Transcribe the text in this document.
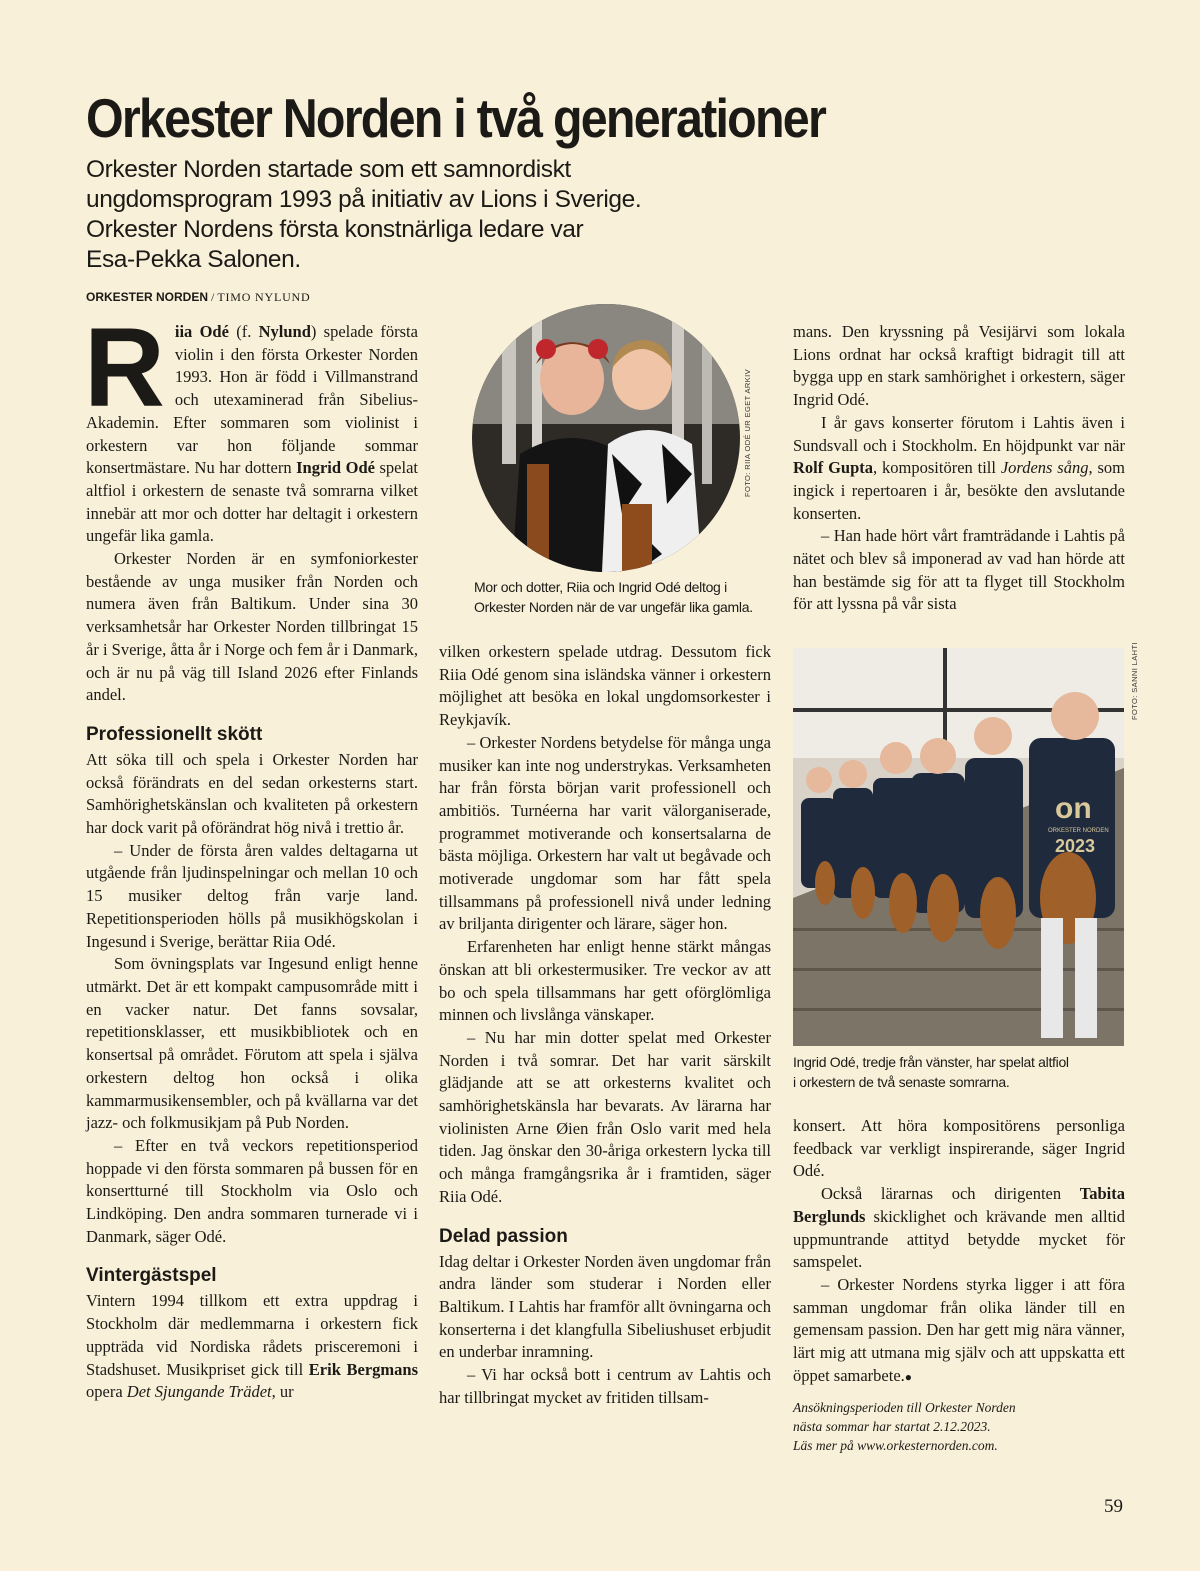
Orkester Norden i två generationer
Orkester Norden startade som ett samnordiskt
ungdomsprogram 1993 på initiativ av Lions i Sverige.
Orkester Nordens första konstnärliga ledare var
Esa-Pekka Salonen.
ORKESTER NORDEN / TIMO NYLUND
R iia Odé (f. Nylund) spelade första violin i den första Orkester Norden 1993. Hon är född i Villmanstrand och utexaminerad från Sibelius-Akademin. Efter sommaren som violinist i orkestern var hon följande sommar konsertmästare. Nu har dottern Ingrid Odé spelat altfiol i orkestern de senaste två somrarna vilket innebär att mor och dotter har deltagit i orkestern ungefär lika gamla.

Orkester Norden är en symfoniorkester bestående av unga musiker från Norden och numera även från Baltikum. Under sina 30 verksamhetsår har Orkester Norden tillbringat 15 år i Sverige, åtta år i Norge och fem år i Danmark, och är nu på väg till Island 2026 efter Finlands andel.

Professionellt skött

Att söka till och spela i Orkester Norden har också förändrats en del sedan orkesterns start. Samhörighetskänslan och kvaliteten på orkestern har dock varit på oförändrat hög nivå i trettio år.

– Under de första åren valdes deltagarna ut utgående från ljudinspelningar och mellan 10 och 15 musiker deltog från varje land. Repetitionsperioden hölls på musikhögskolan i Ingesund i Sverige, berättar Riia Odé.

Som övningsplats var Ingesund enligt henne utmärkt. Det är ett kompakt campusområde mitt i en vacker natur. Det fanns sovsalar, repetitionsklasser, ett musikbibliotek och en konsertsal på området. Förutom att spela i själva orkestern deltog hon också i olika kammarmusikensembler, och på kvällarna var det jazz- och folkmusikjam på Pub Norden.

– Efter en två veckors repetitionsperiod hoppade vi den första sommaren på bussen för en konsertturné till Stockholm via Oslo och Lindköping. Den andra sommaren turnerade vi i Danmark, säger Odé.

Vintergästspel

Vintern 1994 tillkom ett extra uppdrag i Stockholm där medlemmarna i orkestern fick uppträda vid Nordiska rådets prisceremoni i Stadshuset. Musikpriset gick till Erik Bergmans opera Det Sjungande Trädet, ur

FOTO: RIIA ODÉ UR EGET ARKIV
Mor och dotter, Riia och Ingrid Odé deltog i
Orkester Norden när de var ungefär lika gamla.

vilken orkestern spelade utdrag. Dessutom fick Riia Odé genom sina isländska vänner i orkestern möjlighet att besöka en lokal ungdomsorkester i Reykjavík.

– Orkester Nordens betydelse för många unga musiker kan inte nog understrykas. Verksamheten har från första början varit professionell och ambitiös. Turnéerna har varit välorganiserade, programmet motiverande och konsertsalarna de bästa möjliga. Orkestern har valt ut begåvade och motiverade ungdomar som har fått spela tillsammans på professionell nivå under ledning av briljanta dirigenter och lärare, säger hon.

Erfarenheten har enligt henne stärkt mångas önskan att bli orkestermusiker. Tre veckor av att bo och spela tillsammans har gett oförglömliga minnen och livslånga vänskaper.

– Nu har min dotter spelat med Orkester Norden i två somrar. Det har varit särskilt glädjande att se att orkesterns kvalitet och samhörighetskänsla har bevarats. Av lärarna har violinisten Arne Øien från Oslo varit med hela tiden. Jag önskar den 30-åriga orkestern lycka till och många framgångsrika år i framtiden, säger Riia Odé.

Delad passion

Idag deltar i Orkester Norden även ungdomar från andra länder som studerar i Norden eller Baltikum. I Lahtis har framför allt övningarna och konserterna i det klangfulla Sibeliushuset erbjudit en underbar inramning.

– Vi har också bott i centrum av Lahtis och har tillbringat mycket av fritiden tillsam-

mans. Den kryssning på Vesijärvi som lokala Lions ordnat har också kraftigt bidragit till att bygga upp en stark samhörighet i orkestern, säger Ingrid Odé.

I år gavs konserter förutom i Lahtis även i Sundsvall och i Stockholm. En höjdpunkt var när Rolf Gupta, kompositören till Jordens sång, som ingick i repertoaren i år, besökte den avslutande konserten.

– Han hade hört vårt framträdande i Lahtis på nätet och blev så imponerad av vad han hörde att han bestämde sig för att ta flyget till Stockholm för att lyssna på vår sista

on
ORKESTER NORDEN
2023
FOTO: SANNI LAHTI
Ingrid Odé, tredje från vänster, har spelat altfiol
i orkestern de två senaste somrarna.

konsert. Att höra kompositörens personliga feedback var verkligt inspirerande, säger Ingrid Odé.

Också lärarnas och dirigenten Tabita Berglunds skicklighet och krävande men alltid uppmuntrande attityd betydde mycket för samspelet.

– Orkester Nordens styrka ligger i att föra samman ungdomar från olika länder till en gemensam passion. Den har gett mig nära vänner, lärt mig att utmana mig själv och att uppskatta ett öppet samarbete.●

Ansökningsperioden till Orkester Norden
nästa sommar har startat 2.12.2023.
Läs mer på www.orkesternorden.com.
59
